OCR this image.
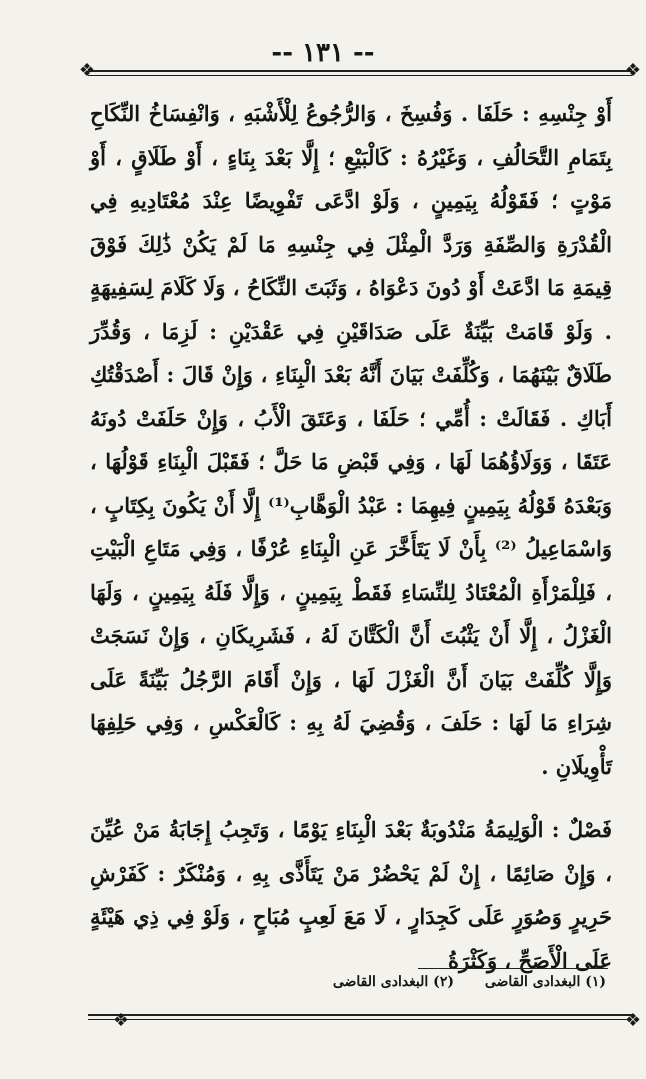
-- ١٣١ --
❖	❖
❖	❖

أَوْ جِنْسِهِ : حَلَفَا . وَفُسِخَ ، وَالرُّجُوعُ لِلْأَشْبَهِ ، وَانْفِسَاخُ النِّكَاحِ بِتَمَامِ التَّحَالُفِ ، وَغَيْرُهُ : كَالْبَيْعِ ؛ إِلَّا بَعْدَ بِنَاءٍ ، أَوْ طَلَاقٍ ، أَوْ مَوْتٍ ؛ فَقَوْلُهُ بِيَمِينٍ ، وَلَوْ ادَّعَى تَفْوِيضًا عِنْدَ مُعْتَادِيهِ فِي الْقُدْرَةِ وَالصِّفَةِ وَرَدَّ الْمِثْلَ فِي جِنْسِهِ مَا لَمْ يَكُنْ ذَٰلِكَ فَوْقَ قِيمَةِ مَا ادَّعَتْ أَوْ دُونَ دَعْوَاهُ ، وَثَبَتَ النِّكَاحُ ، وَلَا كَلَامَ لِسَفِيهَةٍ . وَلَوْ قَامَتْ بَيِّنَةٌ عَلَى صَدَاقَيْنِ فِي عَقْدَيْنِ : لَزِمَا ، وَقُدِّرَ طَلَاقٌ بَيْنَهُمَا ، وَكُلِّفَتْ بَيَانَ أَنَّهُ بَعْدَ الْبِنَاءِ ، وَإِنْ قَالَ : أَصْدَقْتُكِ أَبَاكِ . فَقَالَتْ : أُمِّي ؛ حَلَفَا ، وَعَتَقَ الْأَبُ ، وَإِنْ حَلَفَتْ دُونَهُ عَتَقَا ، وَوَلَاؤُهُمَا لَهَا ، وَفِي قَبْضِ مَا حَلَّ ؛ فَقَبْلَ الْبِنَاءِ قَوْلُهَا ، وَبَعْدَهُ قَوْلُهُ بِيَمِينٍ فِيهِمَا : عَبْدُ الْوَهَّابِ⁽¹⁾ إِلَّا أَنْ يَكُونَ بِكِتَابٍ ، وَاسْمَاعِيلُ ⁽²⁾ بِأَنْ لَا يَتَأَخَّرَ عَنِ الْبِنَاءِ عُرْفًا ، وَفِي مَتَاعِ الْبَيْتِ ، فَلِلْمَرْأَةِ الْمُعْتَادُ لِلنِّسَاءِ فَقَطْ بِيَمِينٍ ، وَإِلَّا فَلَهُ بِيَمِينٍ ، وَلَهَا الْغَزْلُ ، إِلَّا أَنْ يَثْبُتَ أَنَّ الْكَتَّانَ لَهُ ، فَشَرِيكَانِ ، وَإِنْ نَسَجَتْ وَإِلَّا كُلِّفَتْ بَيَانَ أَنَّ الْغَزْلَ لَهَا ، وَإِنْ أَقَامَ الرَّجُلُ بَيِّنَةً عَلَى شِرَاءِ مَا لَهَا : حَلَفَ ، وَقُضِيَ لَهُ بِهِ : كَالْعَكْسِ ، وَفِي حَلِفِهَا تَأْوِيلَانِ .

فَصْلٌ : الْوَلِيمَةُ مَنْدُوبَةٌ بَعْدَ الْبِنَاءِ يَوْمًا ، وَتَجِبُ إِجَابَةُ مَنْ عُيِّنَ ، وَإِنْ صَائِمًا ، إِنْ لَمْ يَحْضُرْ مَنْ يَتَأَذَّى بِهِ ، وَمُنْكَرٌ : كَفَرْشِ حَرِيرٍ وَصُوَرٍ عَلَى كَجِدَارٍ ، لَا مَعَ لَعِبٍ مُبَاحٍ ، وَلَوْ فِي ذِي هَيْئَةٍ عَلَى الْأَصَحِّ ، وَكَثْرَةُ

(١) البغدادى القاضى (٢) البغدادى القاضى
